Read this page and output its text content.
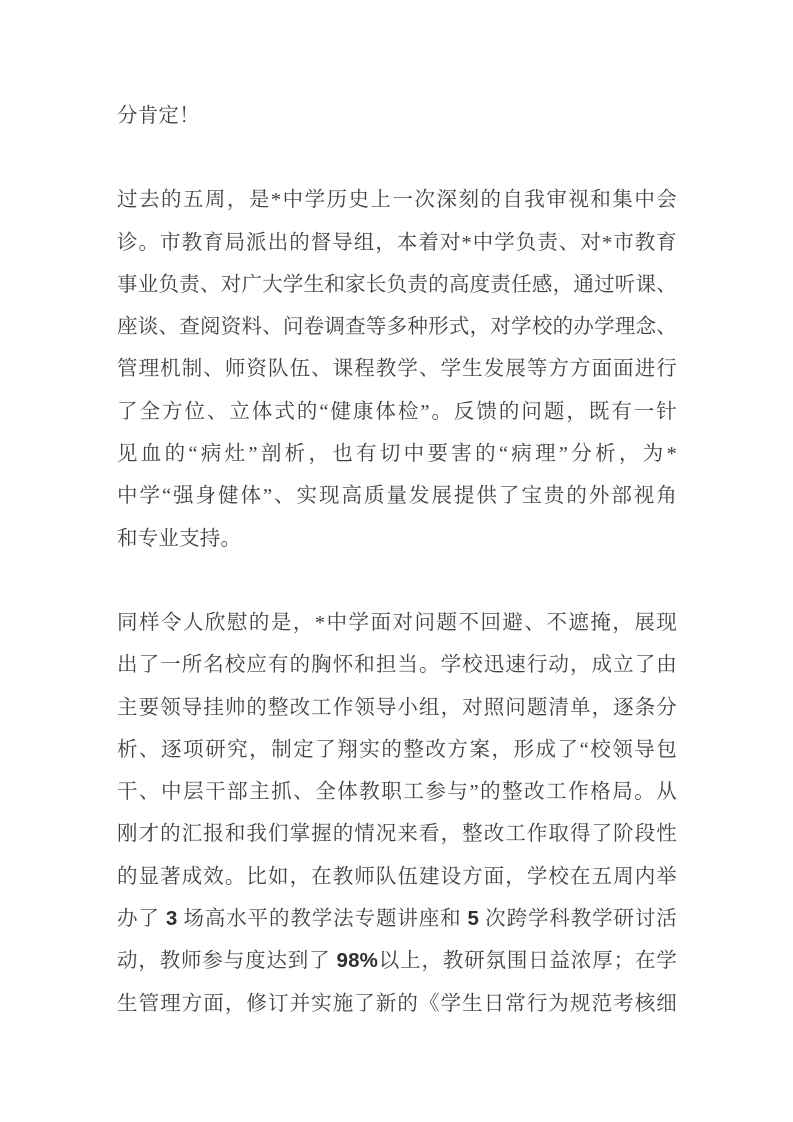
分肯定！
过去的五周，是*中学历史上一次深刻的自我审视和集中会
诊。市教育局派出的督导组，本着对*中学负责、对*市教育
事业负责、对广大学生和家长负责的高度责任感，通过听课、
座谈、查阅资料、问卷调查等多种形式，对学校的办学理念、
管理机制、师资队伍、课程教学、学生发展等方方面面进行
了全方位、立体式的“健康体检”。反馈的问题，既有一针
见血的“病灶”剖析，也有切中要害的“病理”分析，为*
中学“强身健体”、实现高质量发展提供了宝贵的外部视角
和专业支持。
同样令人欣慰的是，*中学面对问题不回避、不遮掩，展现
出了一所名校应有的胸怀和担当。学校迅速行动，成立了由
主要领导挂帅的整改工作领导小组，对照问题清单，逐条分
析、逐项研究，制定了翔实的整改方案，形成了“校领导包
干、中层干部主抓、全体教职工参与”的整改工作格局。从
刚才的汇报和我们掌握的情况来看，整改工作取得了阶段性
的显著成效。比如，在教师队伍建设方面，学校在五周内举
办了 3 场高水平的教学法专题讲座和 5 次跨学科教学研讨活
动，教师参与度达到了 98%以上，教研氛围日益浓厚；在学
生管理方面，修订并实施了新的《学生日常行为规范考核细
